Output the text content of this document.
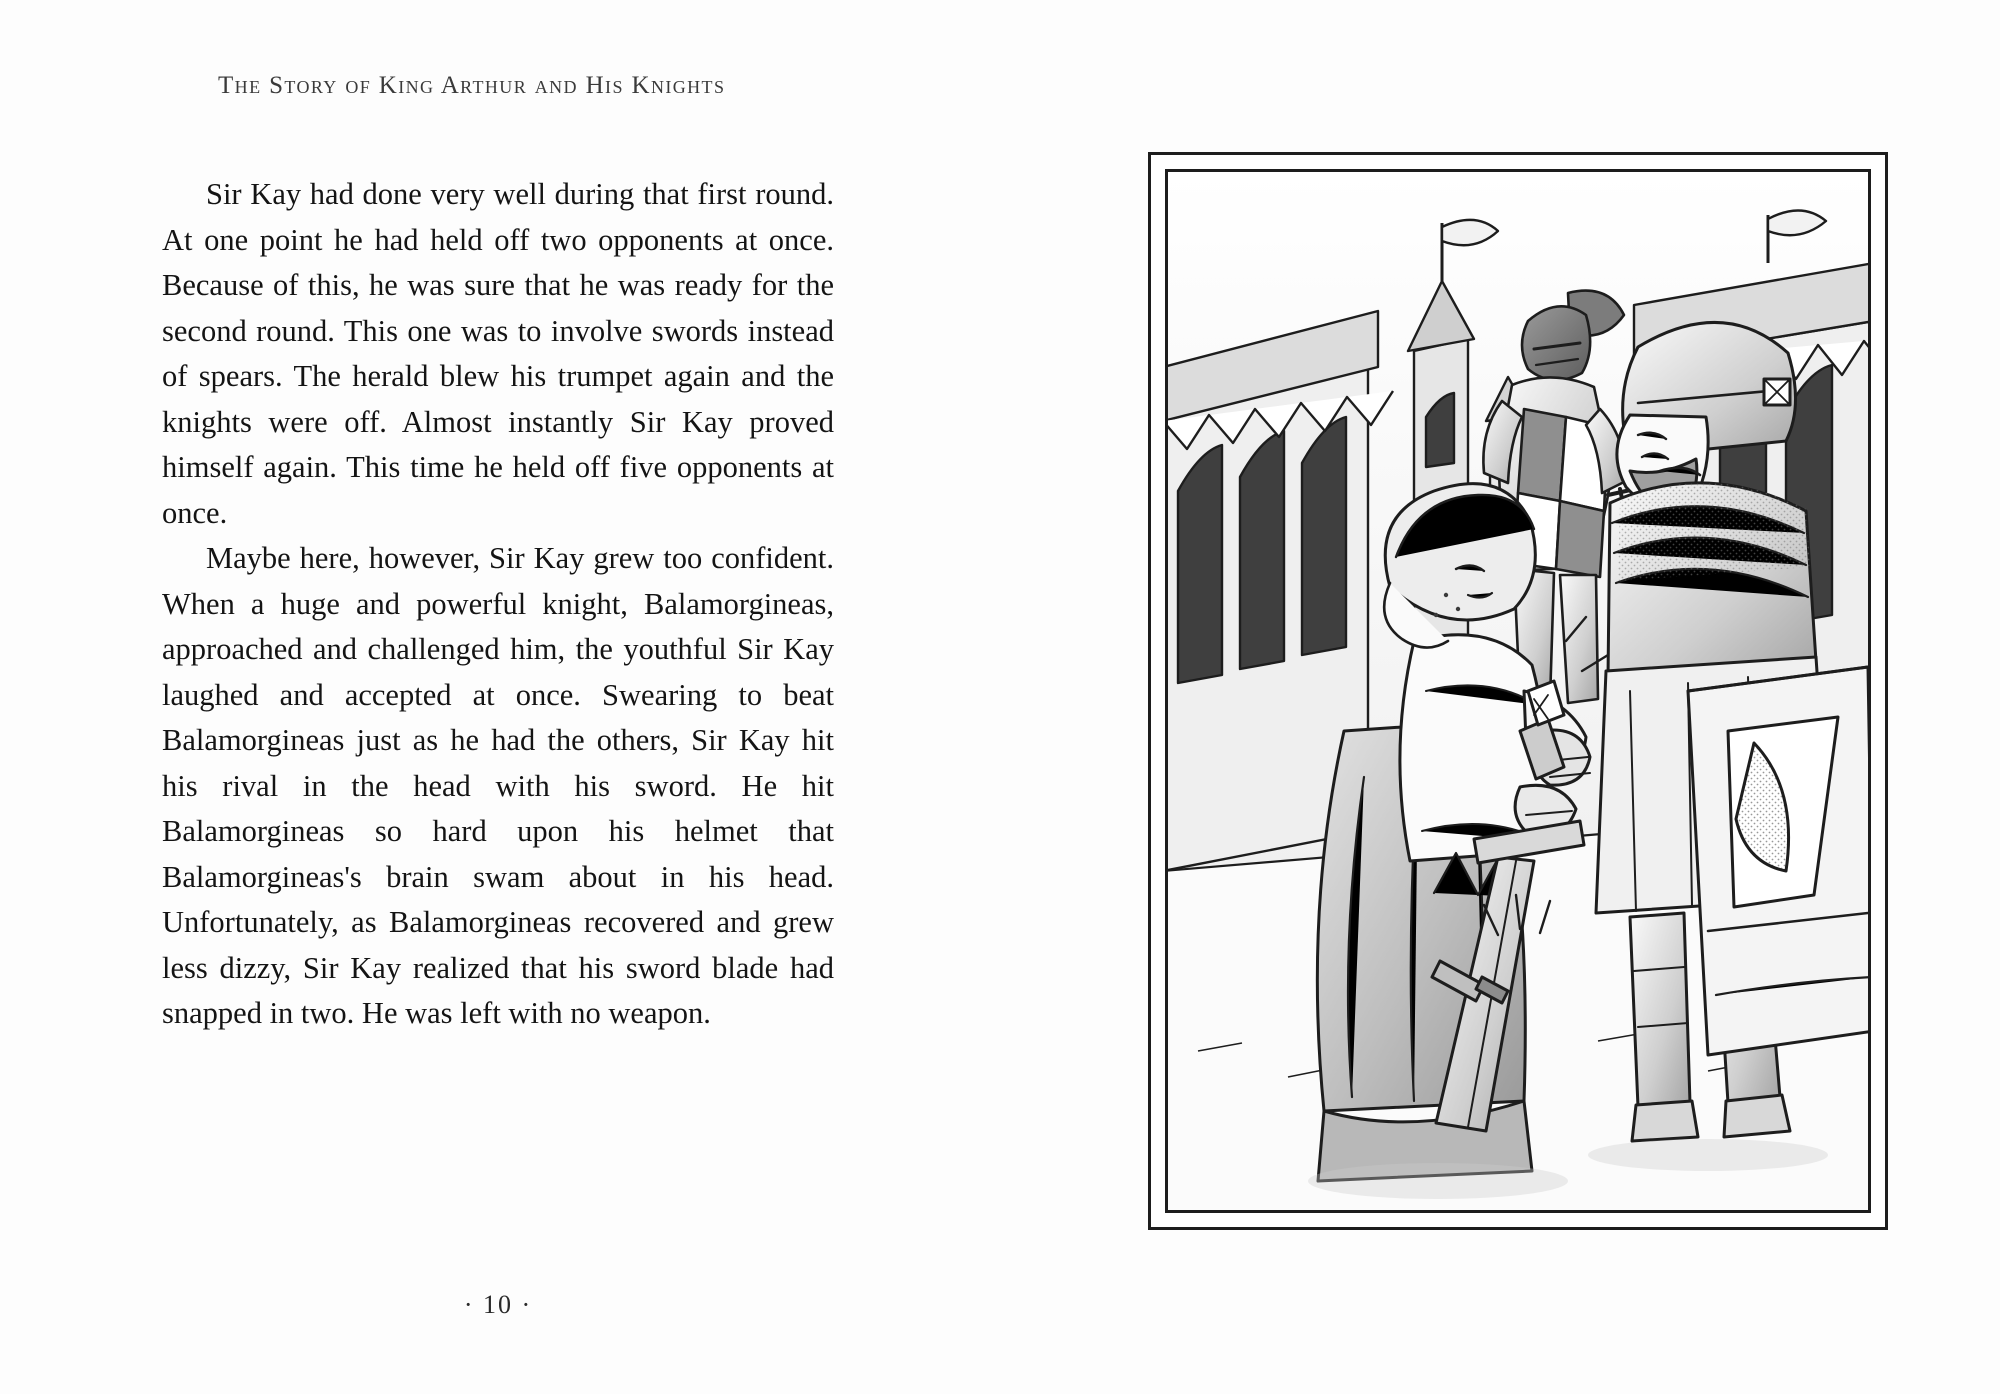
The Story of King Arthur and His Knights

Sir Kay had done very well during that first round. At one point he had held off two opponents at once. Because of this, he was sure that he was ready for the second round. This one was to involve swords instead of spears. The herald blew his trumpet again and the knights were off. Almost instantly Sir Kay proved himself again. This time he held off five opponents at once.

Maybe here, however, Sir Kay grew too confident. When a huge and powerful knight, Balamorgineas, approached and challenged him, the youthful Sir Kay laughed and accepted at once. Swearing to beat Balamorgineas just as he had the others, Sir Kay hit his rival in the head with his sword. He hit Balamorgineas so hard upon his helmet that Balamorgineas's brain swam about in his head. Unfortunately, as Balamorgineas recovered and grew less dizzy, Sir Kay realized that his sword blade had snapped in two. He was left with no weapon.

· 10 ·
